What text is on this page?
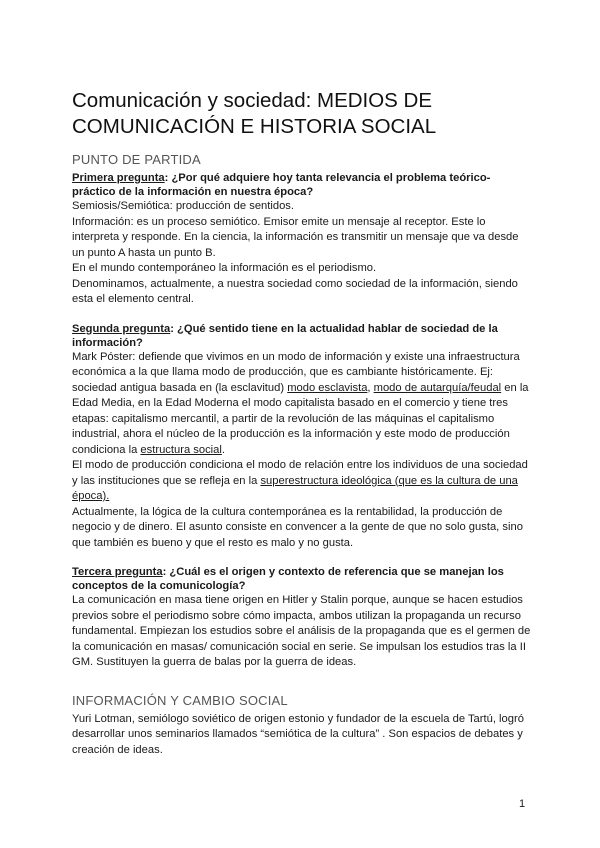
Comunicación y sociedad: MEDIOS DE COMUNICACIÓN E HISTORIA SOCIAL
PUNTO DE PARTIDA
Primera pregunta: ¿Por qué adquiere hoy tanta relevancia el problema teórico-práctico de la información en nuestra época?

Semiosis/Semiótica: producción de sentidos.

Información: es un proceso semiótico. Emisor emite un mensaje al receptor. Este lo interpreta y responde. En la ciencia, la información es transmitir un mensaje que va desde un punto A hasta un punto B.

En el mundo contemporáneo la información es el periodismo.

Denominamos, actualmente, a nuestra sociedad como sociedad de la información, siendo esta el elemento central.

Segunda pregunta: ¿Qué sentido tiene en la actualidad hablar de sociedad de la información?

Mark Póster: defiende que vivimos en un modo de información y existe una infraestructura económica a la que llama modo de producción, que es cambiante históricamente. Ej: sociedad antigua basada en (la esclavitud) modo esclavista, modo de autarquía/feudal en la Edad Media, en la Edad Moderna el modo capitalista basado en el comercio y tiene tres etapas: capitalismo mercantil, a partir de la revolución de las máquinas el capitalismo industrial, ahora el núcleo de la producción es la información y este modo de producción condiciona la estructura social.

El modo de producción condiciona el modo de relación entre los individuos de una sociedad y las instituciones que se refleja en la superestructura ideológica (que es la cultura de una época).

Actualmente, la lógica de la cultura contemporánea es la rentabilidad, la producción de negocio y de dinero. El asunto consiste en convencer a la gente de que no solo gusta, sino que también es bueno y que el resto es malo y no gusta.

Tercera pregunta: ¿Cuál es el origen y contexto de referencia que se manejan los conceptos de la comunicología?

La comunicación en masa tiene origen en Hitler y Stalin porque, aunque se hacen estudios previos sobre el periodismo sobre cómo impacta, ambos utilizan la propaganda un recurso fundamental. Empiezan los estudios sobre el análisis de la propaganda que es el germen de la comunicación en masas/ comunicación social en serie. Se impulsan los estudios tras la II GM. Sustituyen la guerra de balas por la guerra de ideas.

INFORMACIÓN Y CAMBIO SOCIAL

Yuri Lotman, semiólogo soviético de origen estonio y fundador de la escuela de Tartú, logró desarrollar unos seminarios llamados “semiótica de la cultura” . Son espacios de debates y creación de ideas.

1
